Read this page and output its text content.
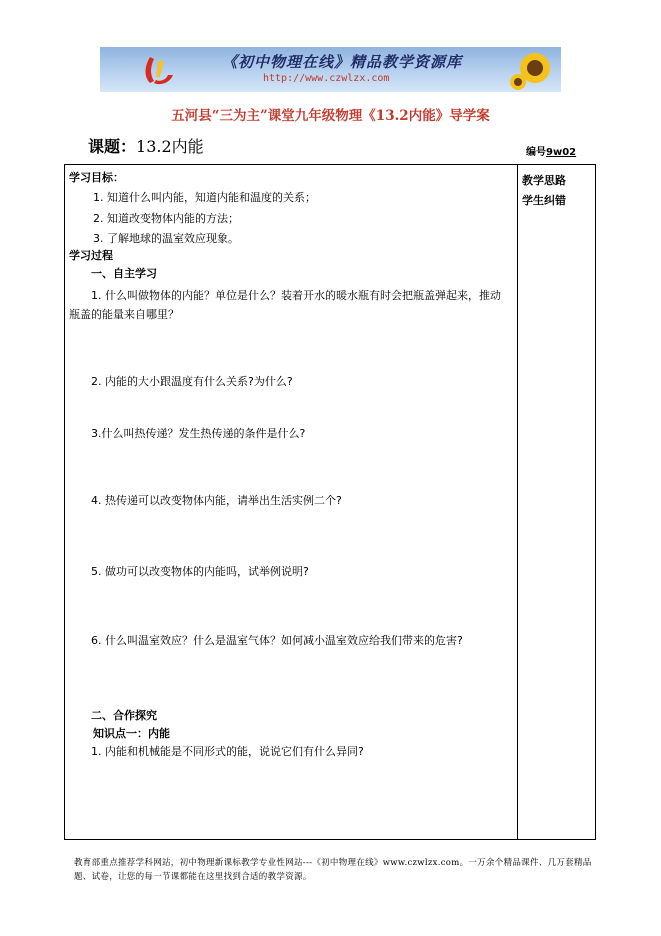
《初中物理在线》精品教学资源库
http://www.czwlzx.com
五河县“三为主”课堂九年级物理《13.2内能》导学案
课题：13.2内能	编号9w02
学习目标：
1. 知道什么叫内能，知道内能和温度的关系；
2. 知道改变物体内能的方法；
3. 了解地球的温室效应现象。
学习过程
一、自主学习
1. 什么叫做物体的内能？单位是什么？装着开水的暖水瓶有时会把瓶盖弹起来，推动瓶盖的能量来自哪里？
2. 内能的大小跟温度有什么关系?为什么?
3.什么叫热传递？发生热传递的条件是什么?
4. 热传递可以改变物体内能，请举出生活实例二个?
5. 做功可以改变物体的内能吗，试举例说明?
6. 什么叫温室效应？什么是温室气体？如何减小温室效应给我们带来的危害?
二、合作探究
知识点一：内能
1. 内能和机械能是不同形式的能，说说它们有什么异同?
教学思路
学生纠错
教育部重点推荐学科网站，初中物理新课标教学专业性网站---《初中物理在线》www.czwlzx.com。一万余个精品课件、几万套精品题、试卷，让您的每一节课都能在这里找到合适的教学资源。
